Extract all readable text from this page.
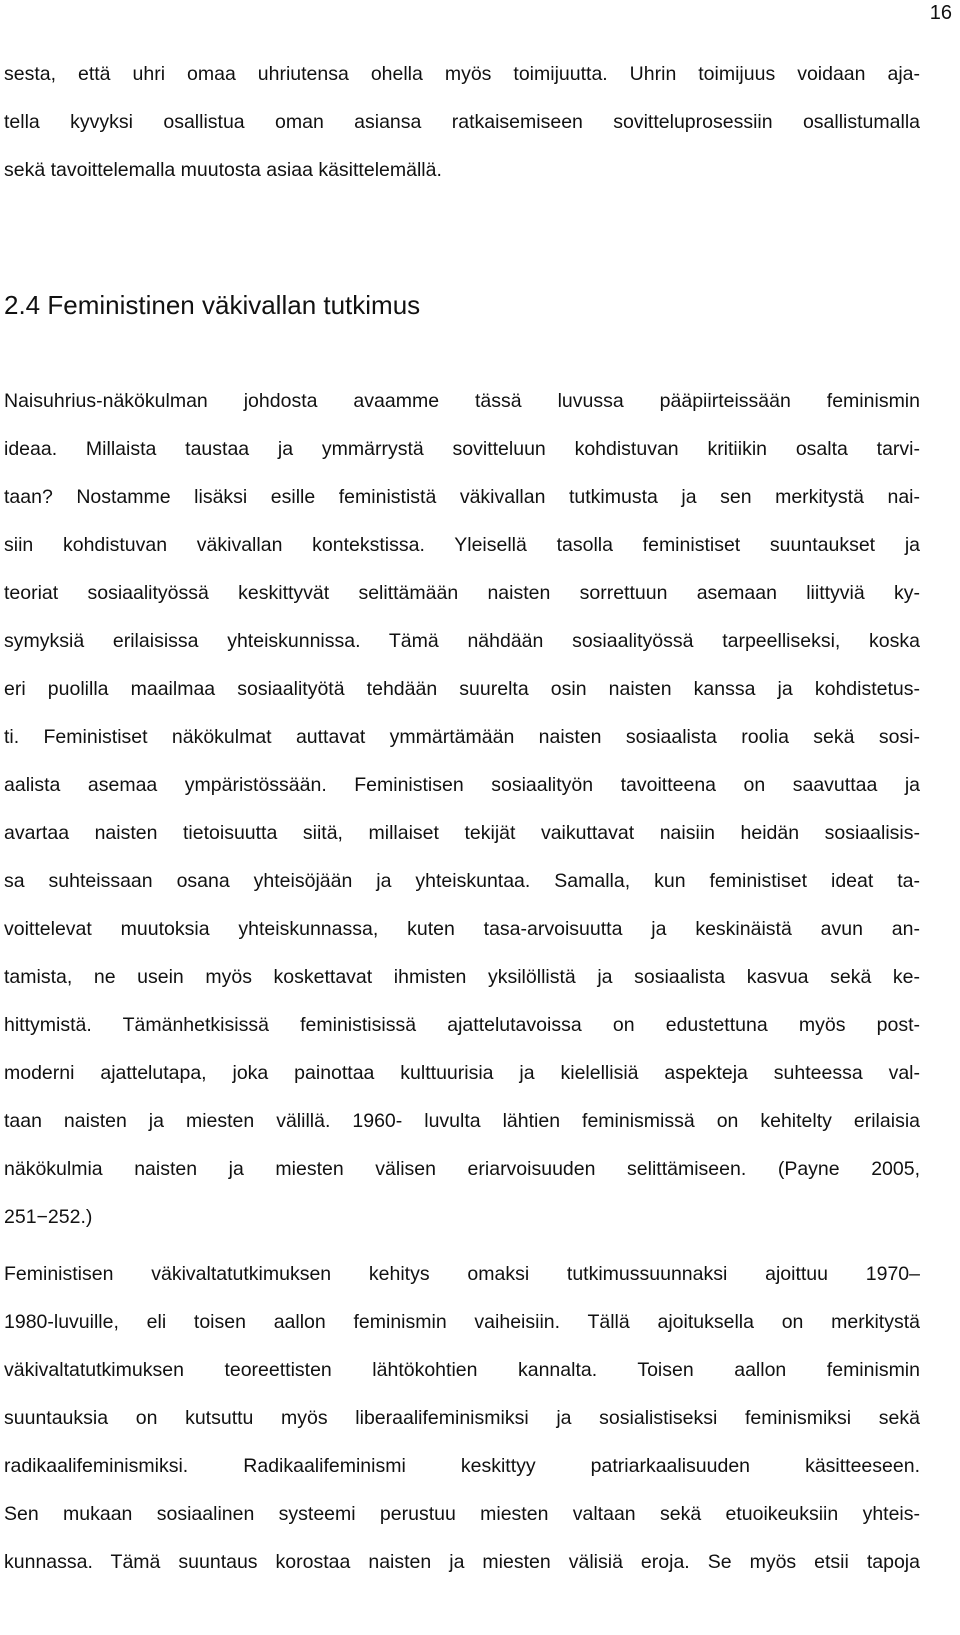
16
sesta, että uhri omaa uhriutensa ohella myös toimijuutta. Uhrin toimijuus voidaan aja-
tella kyvyksi osallistua oman asiansa ratkaisemiseen sovitteluprosessiin osallistumalla
sekä tavoittelemalla muutosta asiaa käsittelemällä.
2.4 Feministinen väkivallan tutkimus
Naisuhrius-näkökulman johdosta avaamme tässä luvussa pääpiirteissään feminismin
ideaa. Millaista taustaa ja ymmärrystä sovitteluun kohdistuvan kritiikin osalta tarvi-
taan? Nostamme lisäksi esille feminististä väkivallan tutkimusta ja sen merkitystä nai-
siin kohdistuvan väkivallan kontekstissa. Yleisellä tasolla feministiset suuntaukset ja
teoriat sosiaalityössä keskittyvät selittämään naisten sorrettuun asemaan liittyviä ky-
symyksiä erilaisissa yhteiskunnissa. Tämä nähdään sosiaalityössä tarpeelliseksi, koska
eri puolilla maailmaa sosiaalityötä tehdään suurelta osin naisten kanssa ja kohdistetus-
ti. Feministiset näkökulmat auttavat ymmärtämään naisten sosiaalista roolia sekä sosi-
aalista asemaa ympäristössään. Feministisen sosiaalityön tavoitteena on saavuttaa ja
avartaa naisten tietoisuutta siitä, millaiset tekijät vaikuttavat naisiin heidän sosiaalisis-
sa suhteissaan osana yhteisöjään ja yhteiskuntaa. Samalla, kun feministiset ideat ta-
voittelevat muutoksia yhteiskunnassa, kuten tasa-arvoisuutta ja keskinäistä avun an-
tamista, ne usein myös koskettavat ihmisten yksilöllistä ja sosiaalista kasvua sekä ke-
hittymistä. Tämänhetkisissä feministisissä ajattelutavoissa on edustettuna myös post-
moderni ajattelutapa, joka painottaa kulttuurisia ja kielellisiä aspekteja suhteessa val-
taan naisten ja miesten välillä. 1960- luvulta lähtien feminismissä on kehitelty erilaisia
näkökulmia naisten ja miesten välisen eriarvoisuuden selittämiseen. (Payne 2005,
251−252.)
Feministisen väkivaltatutkimuksen kehitys omaksi tutkimussuunnaksi ajoittuu 1970–
1980-luvuille, eli toisen aallon feminismin vaiheisiin. Tällä ajoituksella on merkitystä
väkivaltatutkimuksen teoreettisten lähtökohtien kannalta. Toisen aallon feminismin
suuntauksia on kutsuttu myös liberaalifeminismiksi ja sosialistiseksi feminismiksi sekä
radikaalifeminismiksi. Radikaalifeminismi keskittyy patriarkaalisuuden käsitteeseen.
Sen mukaan sosiaalinen systeemi perustuu miesten valtaan sekä etuoikeuksiin yhteis-
kunnassa. Tämä suuntaus korostaa naisten ja miesten välisiä eroja. Se myös etsii tapoja
